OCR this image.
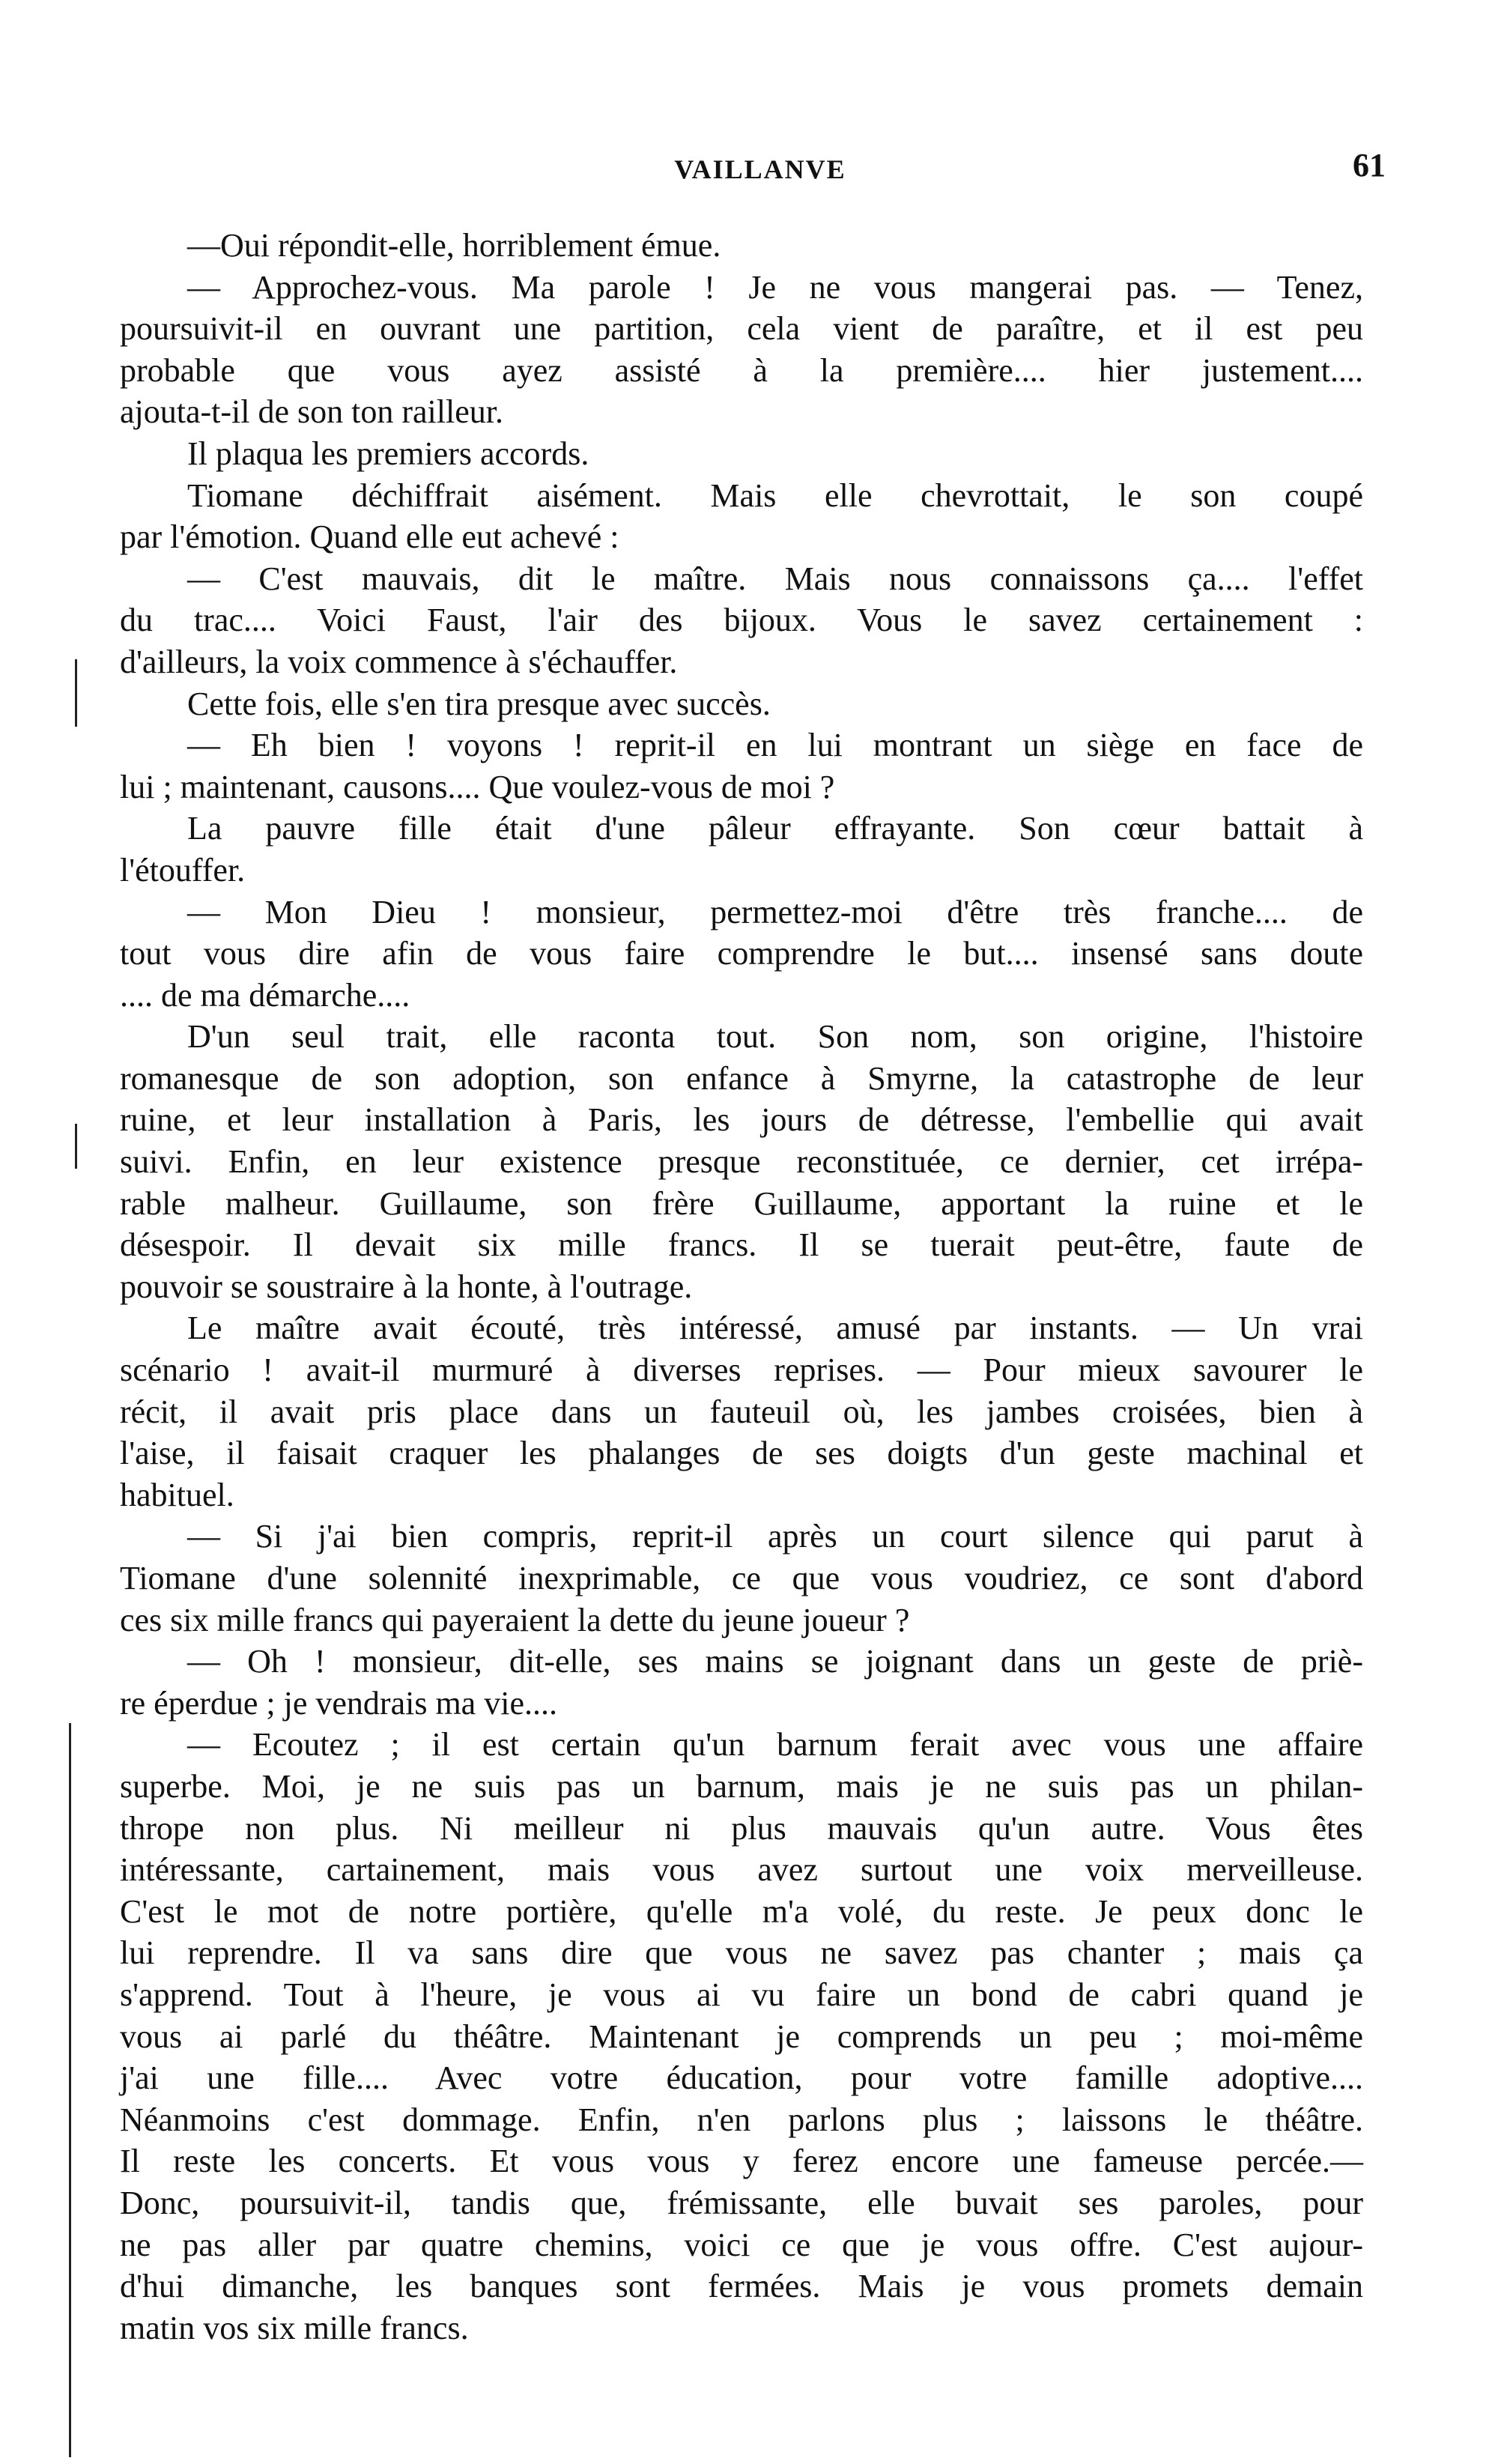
VAILLANVE	61
—Oui répondit-elle, horriblement émue.
— Approchez-vous. Ma parole ! Je ne vous mangerai pas. — Tenez,
poursuivit-il en ouvrant une partition, cela vient de paraître, et il est peu
probable que vous ayez assisté à la première.... hier justement....
ajouta-t-il de son ton railleur.
Il plaqua les premiers accords.
Tiomane déchiffrait aisément. Mais elle chevrottait, le son coupé
par l'émotion. Quand elle eut achevé :
— C'est mauvais, dit le maître. Mais nous connaissons ça.... l'effet
du trac.... Voici Faust, l'air des bijoux. Vous le savez certainement :
d'ailleurs, la voix commence à s'échauffer.
Cette fois, elle s'en tira presque avec succès.
— Eh bien ! voyons ! reprit-il en lui montrant un siège en face de
lui ; maintenant, causons.... Que voulez-vous de moi ?
La pauvre fille était d'une pâleur effrayante. Son cœur battait à
l'étouffer.
— Mon Dieu ! monsieur, permettez-moi d'être très franche.... de
tout vous dire afin de vous faire comprendre le but.... insensé sans doute
.... de ma démarche....
D'un seul trait, elle raconta tout. Son nom, son origine, l'histoire
romanesque de son adoption, son enfance à Smyrne, la catastrophe de leur
ruine, et leur installation à Paris, les jours de détresse, l'embellie qui avait
suivi. Enfin, en leur existence presque reconstituée, ce dernier, cet irrépa-
rable malheur. Guillaume, son frère Guillaume, apportant la ruine et le
désespoir. Il devait six mille francs. Il se tuerait peut-être, faute de
pouvoir se soustraire à la honte, à l'outrage.
Le maître avait écouté, très intéressé, amusé par instants. — Un vrai
scénario ! avait-il murmuré à diverses reprises. — Pour mieux savourer le
récit, il avait pris place dans un fauteuil où, les jambes croisées, bien à
l'aise, il faisait craquer les phalanges de ses doigts d'un geste machinal et
habituel.
— Si j'ai bien compris, reprit-il après un court silence qui parut à
Tiomane d'une solennité inexprimable, ce que vous voudriez, ce sont d'abord
ces six mille francs qui payeraient la dette du jeune joueur ?
— Oh ! monsieur, dit-elle, ses mains se joignant dans un geste de priè-
re éperdue ; je vendrais ma vie....
— Ecoutez ; il est certain qu'un barnum ferait avec vous une affaire
superbe. Moi, je ne suis pas un barnum, mais je ne suis pas un philan-
thrope non plus. Ni meilleur ni plus mauvais qu'un autre. Vous êtes
intéressante, cartainement, mais vous avez surtout une voix merveilleuse.
C'est le mot de notre portière, qu'elle m'a volé, du reste. Je peux donc le
lui reprendre. Il va sans dire que vous ne savez pas chanter ; mais ça
s'apprend. Tout à l'heure, je vous ai vu faire un bond de cabri quand je
vous ai parlé du théâtre. Maintenant je comprends un peu ; moi-même
j'ai une fille.... Avec votre éducation, pour votre famille adoptive....
Néanmoins c'est dommage. Enfin, n'en parlons plus ; laissons le théâtre.
Il reste les concerts. Et vous vous y ferez encore une fameuse percée.—
Donc, poursuivit-il, tandis que, frémissante, elle buvait ses paroles, pour
ne pas aller par quatre chemins, voici ce que je vous offre. C'est aujour-
d'hui dimanche, les banques sont fermées. Mais je vous promets demain
matin vos six mille francs.
